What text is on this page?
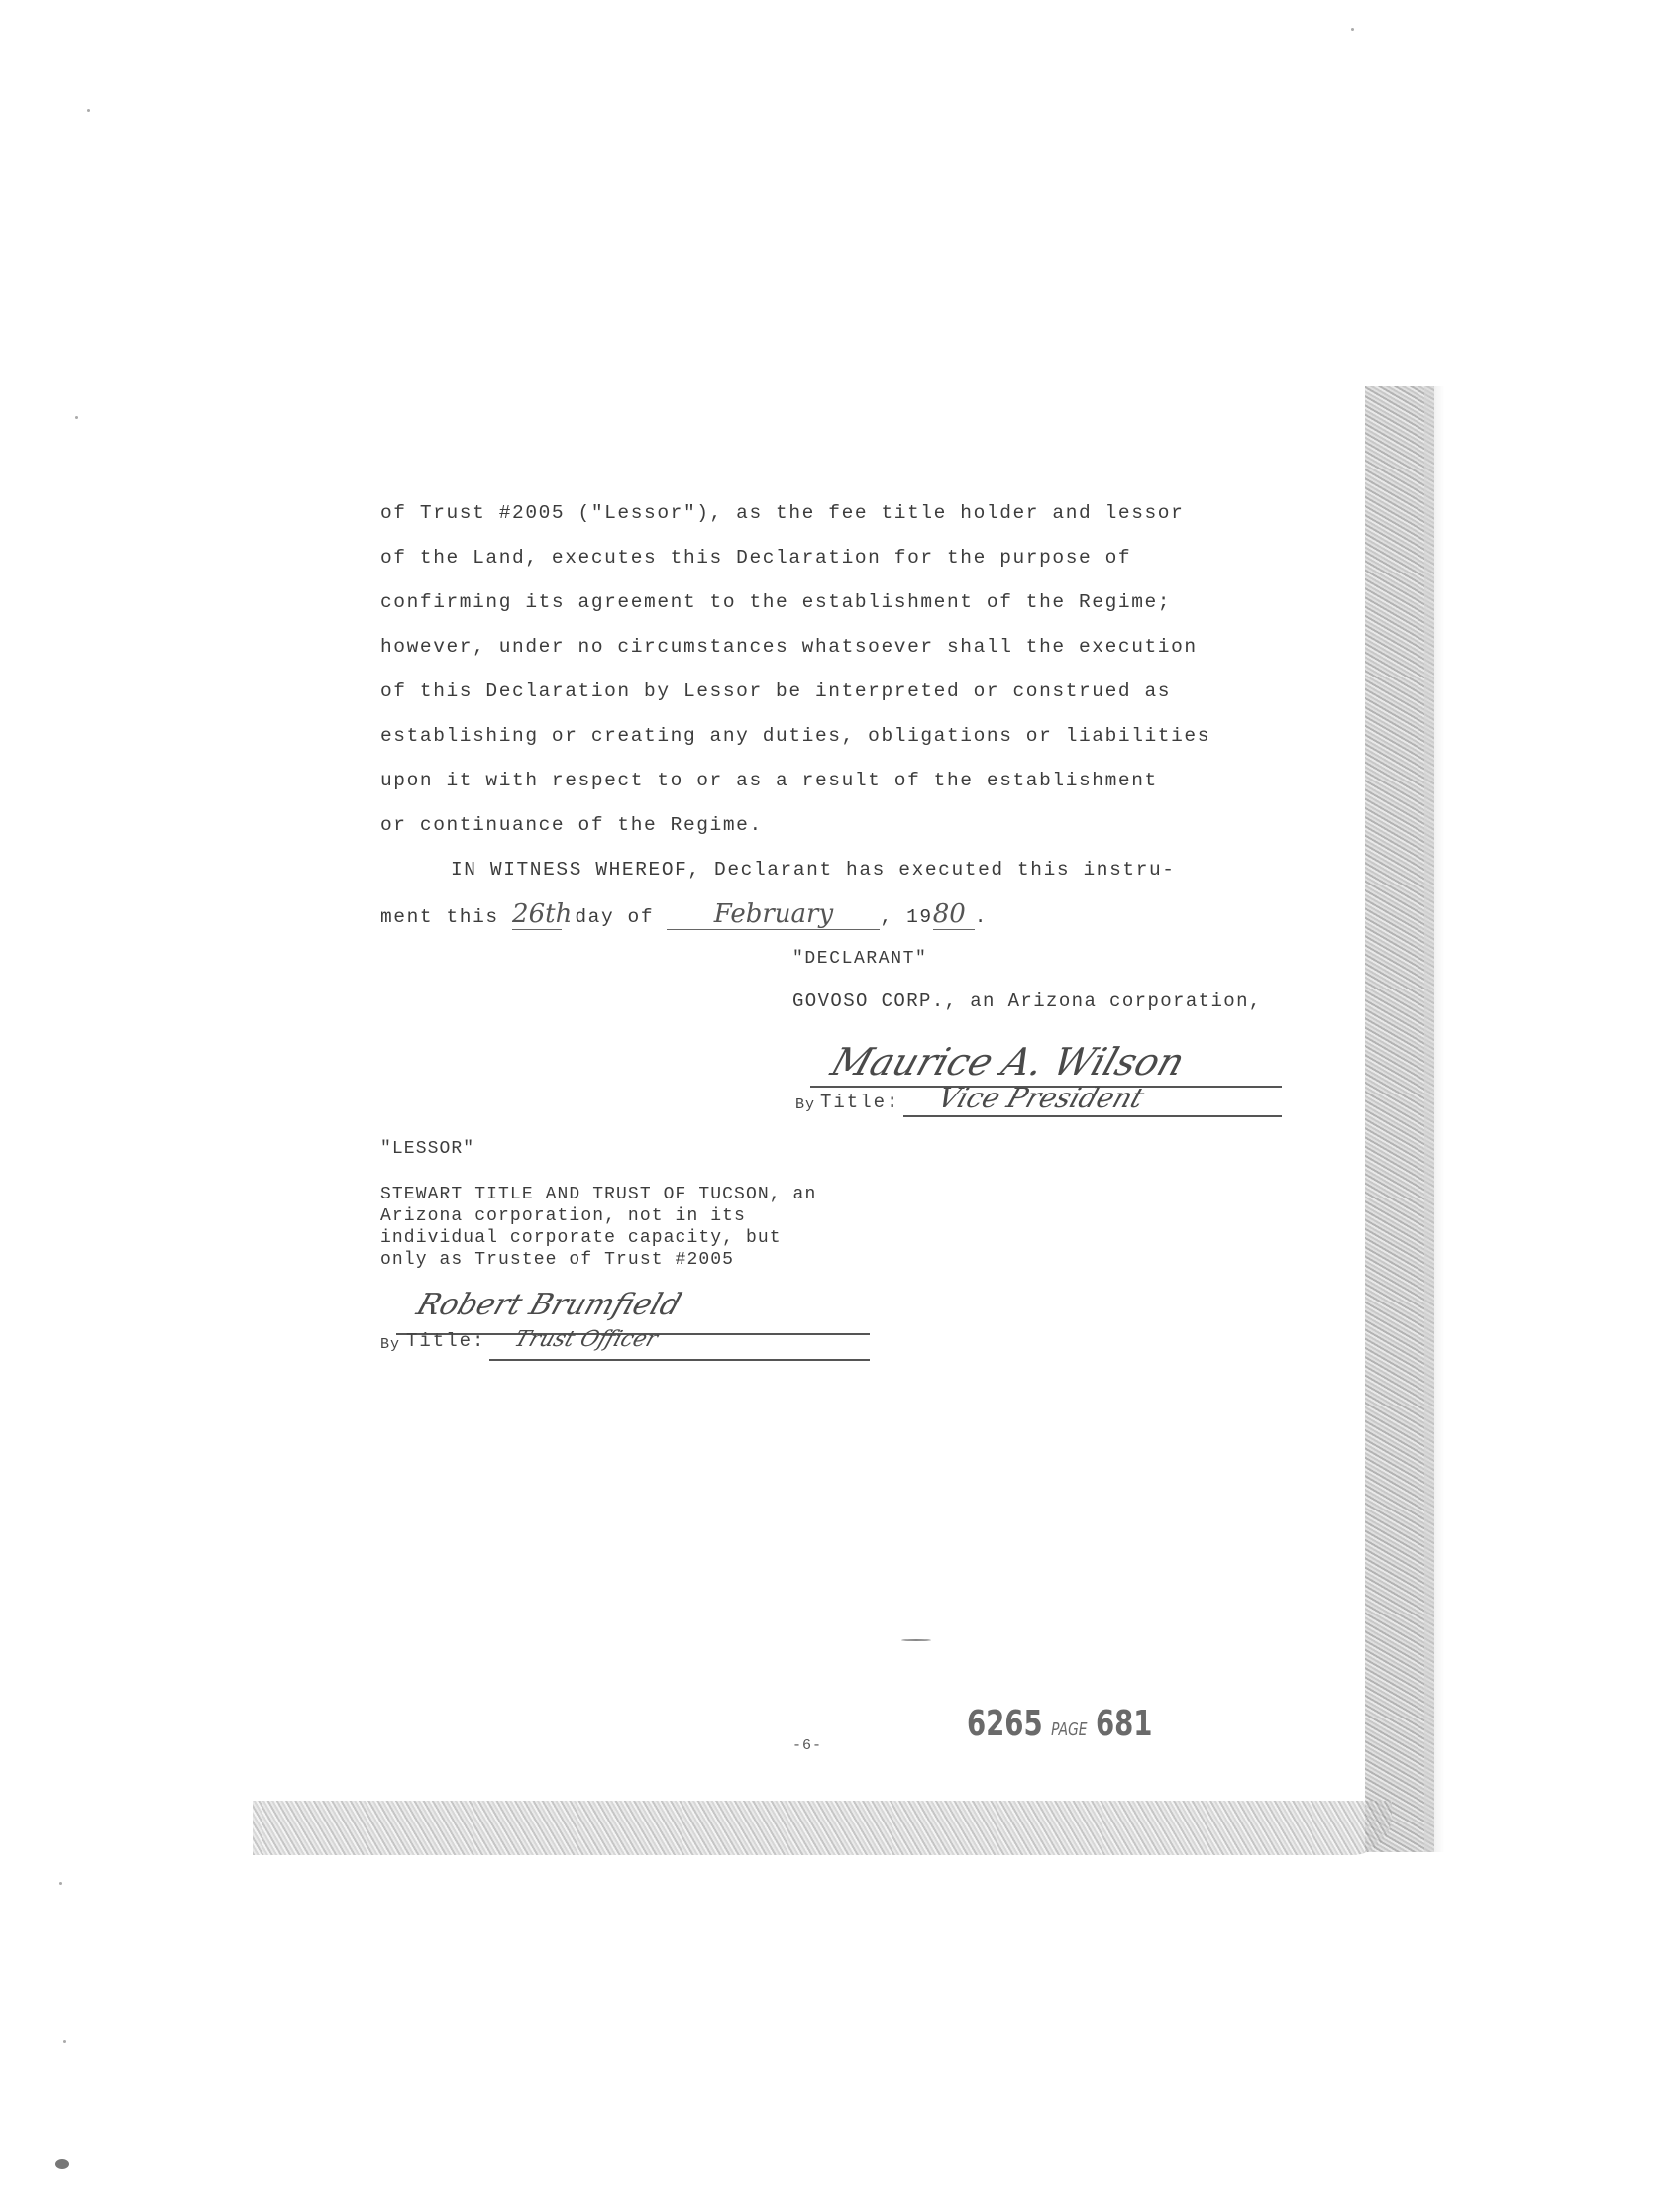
of Trust #2005 ("Lessor"), as the fee title holder and lessor
of the Land, executes this Declaration for the purpose of
confirming its agreement to the establishment of the Regime;
however, under no circumstances whatsoever shall the execution
of this Declaration by Lessor be interpreted or construed as
establishing or creating any duties, obligations or liabilities
upon it with respect to or as a result of the establishment
or continuance of the Regime.
IN WITNESS WHEREOF, Declarant has executed this instru-
ment this 26th day of February , 1980 .
"DECLARANT"
GOVOSO CORP., an Arizona corporation,
By Maurice A. Wilson
Title: Vice President
"LESSOR"
STEWART TITLE AND TRUST OF TUCSON, an
Arizona corporation, not in its
individual corporate capacity, but
only as Trustee of Trust #2005
By Robert Brumfield
Title: Trust Officer
-6-
6265 PAGE 681
